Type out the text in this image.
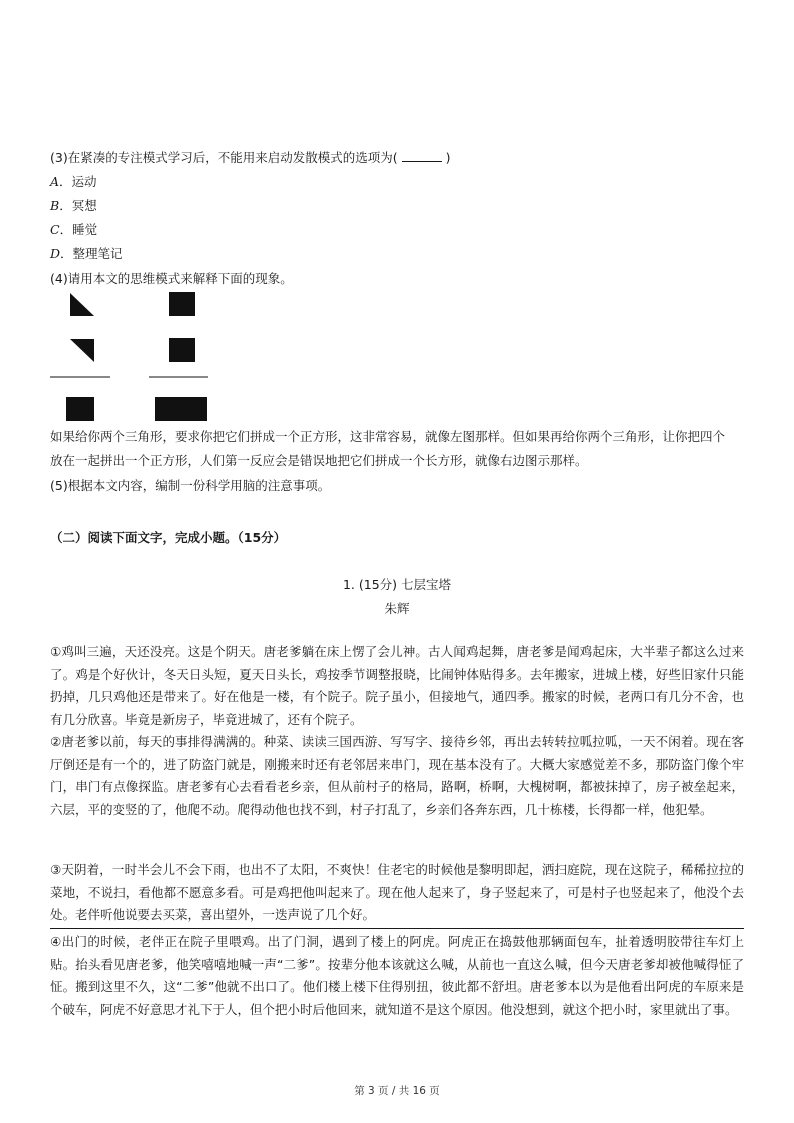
(3)在紧凑的专注模式学习后，不能用来启动发散模式的选项为(	)
A．运动
B．冥想
C．睡觉
D．整理笔记
(4)请用本文的思维模式来解释下面的现象。
如果给你两个三角形，要求你把它们拼成一个正方形，这非常容易，就像左图那样。但如果再给你两个三角形，让你把四个
放在一起拼出一个正方形，人们第一反应会是错误地把它们拼成一个长方形，就像右边图示那样。
(5)根据本文内容，编制一份科学用脑的注意事项。
（二）阅读下面文字，完成小题。（15分）
1. (15分) 七层宝塔
朱辉
①鸡叫三遍，天还没亮。这是个阴天。唐老爹躺在床上愣了会儿神。古人闻鸡起舞，唐老爹是闻鸡起床，大半辈子都这么过来了。鸡是个好伙计，冬天日头短，夏天日头长，鸡按季节调整报晓，比闹钟体贴得多。去年搬家，进城上楼，好些旧家什只能扔掉，几只鸡他还是带来了。好在他是一楼，有个院子。院子虽小，但接地气，通四季。搬家的时候，老两口有几分不舍，也有几分欣喜。毕竟是新房子，毕竟进城了，还有个院子。
②唐老爹以前，每天的事排得满满的。种菜、读读三国西游、写写字、接待乡邻，再出去转转拉呱拉呱，一天不闲着。现在客厅倒还是有一个的，进了防盗门就是，刚搬来时还有老邻居来串门，现在基本没有了。大概大家感觉差不多，那防盗门像个牢门，串门有点像探监。唐老爹有心去看看老乡亲，但从前村子的格局，路啊，桥啊，大槐树啊，都被抹掉了，房子被垒起来，六层，平的变竖的了，他爬不动。爬得动他也找不到，村子打乱了，乡亲们各奔东西，几十栋楼，长得都一样，他犯晕。
③天阴着，一时半会儿不会下雨，也出不了太阳，不爽快！住老宅的时候他是黎明即起，洒扫庭院，现在这院子，稀稀拉拉的菜地，不说扫，看他都不愿意多看。可是鸡把他叫起来了。现在他人起来了，身子竖起来了，可是村子也竖起来了，他没个去处。老伴听他说要去买菜，喜出望外，一迭声说了几个好。
④出门的时候，老伴正在院子里喂鸡。出了门洞，遇到了楼上的阿虎。阿虎正在捣鼓他那辆面包车，扯着透明胶带往车灯上贴。抬头看见唐老爹，他笑嘻嘻地喊一声“二爹”。按辈分他本该就这么喊，从前也一直这么喊，但今天唐老爹却被他喊得怔了怔。搬到这里不久，这“二爹”他就不出口了。他们楼上楼下住得别扭，彼此都不舒坦。唐老爹本以为是他看出阿虎的车原来是个破车，阿虎不好意思才礼下于人，但个把小时后他回来，就知道不是这个原因。他没想到，就这个把小时，家里就出了事。
第 3 页 / 共 16 页
